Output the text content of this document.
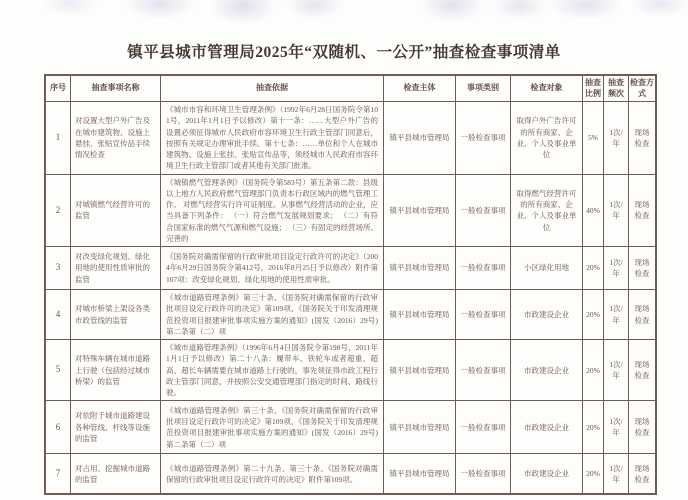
镇平县城市管理局2025年“双随机、一公开”抽查检查事项清单
序号	抽查事项名称	抽查依据	检查主体	事项类别	检查对象	抽查比例	抽查频次	检查方式
1	对设置大型户外广告及在城市建筑物、设施上悬挂、张贴宣传品手续情况检查	《城市市容和环境卫生管理条例》（1992年6月28日国务院令第101号，2011年1月1日予以修改）第十一条：……大型户外广告的设置必须征得城市人民政府市容环境卫生行政主管部门同意后，按照有关规定办理审批手续。第十七条：……单位和个人在城市建筑物、设施上张挂、张贴宣传品等，须经城市人民政府市容环境卫生行政主管部门或者其他有关部门批准。	镇平县城市管理局	一般检查事项	取得户外广告许可的所有商家、企业、个人及事业单位	5%	1次/年	现场检查
2	对城镇燃气经营许可的监管	《城镇燃气管理条例》（国务院令第583号）第五条第二款：县级以上地方人民政府燃气管理部门负责本行政区域内的燃气管理工作。 对燃气经营实行许可证制度。从事燃气经营活动的企业，应当具备下列条件： （一）符合燃气发展规划要求； （二）有符合国家标准的燃气气源和燃气设施； （三）有固定的经营场所、完善的	镇平县城市管理局	一般检查事项	取得燃气经营许可的所有商家、企业、个人及事业单位	40%	1次/年	现场检查
3	对改变绿化规划、绿化用地的使用性质审批的监管	《国务院对确需保留的行政审批项目设定行政许可的决定》（2004年6月29日国务院令第412号，2016年8月25日予以修改）附件第107项：改变绿化规划、绿化用地的使用性质审批。	镇平县城市管理局	一般检查事项	小区绿化用地	20%	1次/年	现场检查
4	对城市桥梁上架设各类市政管线的监管	《城市道路管理条例》第三十条、《国务院对确需保留的行政审批项目设定行政许可的决定》第109项、《国务院关于印发清理规范投资项目报建审批事项实施方案的通知》(国发（2016）29号)第二条第（二）项	镇平县城市管理局	一般检查事项	市政建设企业	20%	1次/年	现场检查
5	对特殊车辆在城市道路上行驶（包括经过城市桥梁）的监管	《城市道路管理条例》（1996年6月4日国务院令第198号，2011年1月1日予以修改）第二十八条：履带车、铁轮车或者超重、超高、超长车辆需要在城市道路上行驶的，事先须征得市政工程行政主管部门同意，并按照公安交通管理部门指定的时间、路线行驶。	镇平县城市管理局	一般检查事项	市政建设企业	20%	1次/年	现场检查
6	对依附于城市道路建设各种管线、杆线等设施的监管	《城市道路管理条例》第三十条、《国务院对确需保留的行政审批项目设定行政许可的决定》第109项、《国务院关于印发清理规范投资项目报建审批事项实施方案的通知》(国发（2016）29号)第二条第（二）项	镇平县城市管理局	一般检查事项	市政建设企业	20%	1次/年	现场检查
7	对占用、挖掘城市道路的监管	《城市道路管理条例》第二十九条、第三十条、《国务院对确需保留的行政审批项目设定行政许可的决定》附件第109项。	镇平县城市管理局	一般检查事项	市政建设企业	20%	1次/年	现场检查
